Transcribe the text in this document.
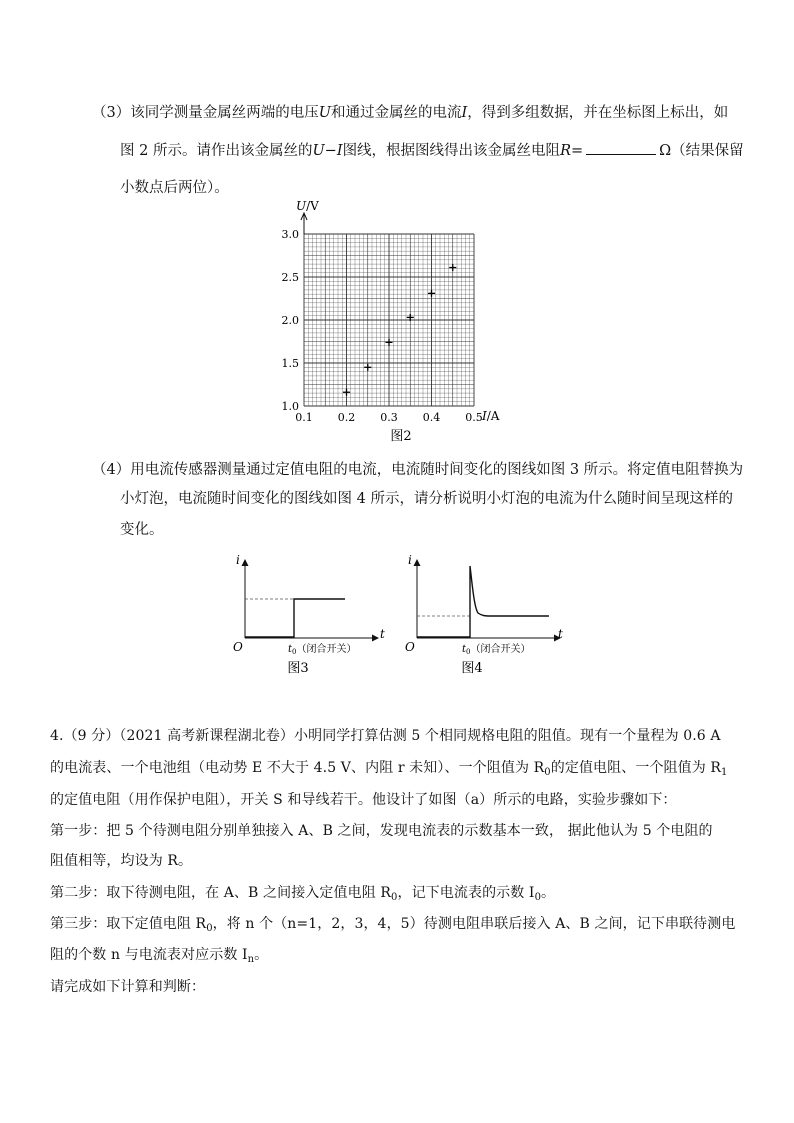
（3）该同学测量金属丝两端的电压U和通过金属丝的电流I，得到多组数据，并在坐标图上标出，如
图 2 所示。请作出该金属丝的U−I图线，根据图线得出该金属丝电阻R=	Ω（结果保留
小数点后两位）。
0.1 0.2 0.3 0.4 0.5
1.0
1.5
2.0
2.5
3.0
U/V
I/A
图2
（4）用电流传感器测量通过定值电阻的电流，电流随时间变化的图线如图 3 所示。将定值电阻替换为
小灯泡，电流随时间变化的图线如图 4 所示，请分析说明小灯泡的电流为什么随时间呈现这样的
变化。
i
t
O	$t_0$（闭合开关）
图3
i
t
O	$t_0$（闭合开关）
图4
4.（9 分）（2021 高考新课程湖北卷）小明同学打算估测 5 个相同规格电阻的阻值。现有一个量程为 0.6 A
的电流表、一个电池组（电动势 E 不大于 4.5 V、内阻 r 未知）、一个阻值为 $R_0$的定值电阻、一个阻值为 $R_1$
的定值电阻（用作保护电阻），开关 S 和导线若干。他设计了如图（a）所示的电路，实验步骤如下：
第一步：把 5 个待测电阻分别单独接入 A、B 之间，发现电流表的示数基本一致， 据此他认为 5 个电阻的
阻值相等，均设为 R。
第二步：取下待测电阻，在 A、B 之间接入定值电阻 $R_0$，记下电流表的示数 $I_0$。
第三步：取下定值电阻 $R_0$，将 n 个（n=1，2，3，4，5）待测电阻串联后接入 A、B 之间，记下串联待测电
阻的个数 n 与电流表对应示数 $I_n$。
请完成如下计算和判断：
